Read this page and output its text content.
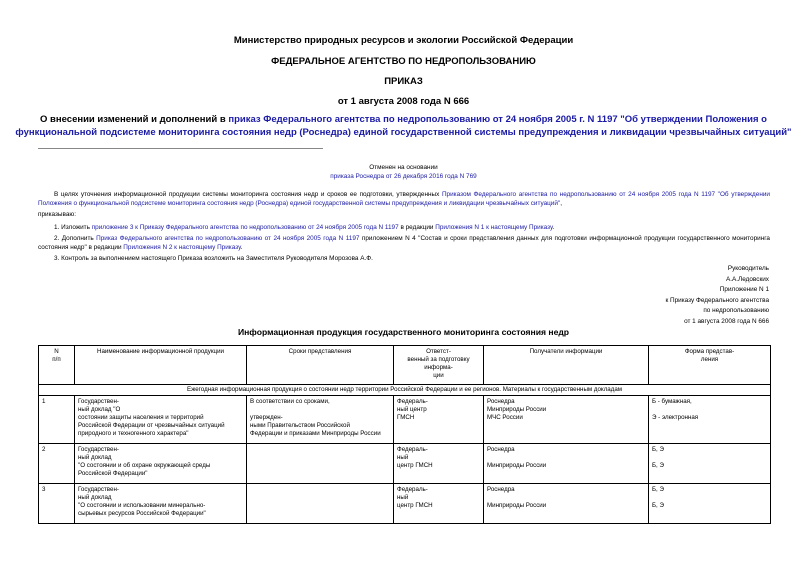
Министерство природных ресурсов и экологии Российской Федерации
ФЕДЕРАЛЬНОЕ АГЕНТСТВО ПО НЕДРОПОЛЬЗОВАНИЮ
ПРИКАЗ
от 1 августа 2008 года N 666
О внесении изменений и дополнений в приказ Федерального агентства по недропользованию от 24 ноября 2005 г. N 1197 "Об утверждении Положения о
функциональной подсистеме мониторинга состояния недр (Роснедра) единой государственной системы предупреждения и ликвидации чрезвычайных ситуаций"
Отменен на основании
приказа Роснедра от 26 декабря 2016 года N 769
В целях уточнения информационной продукции системы мониторинга состояния недр и сроков ее подготовки, утвержденных Приказом Федерального агентства по недропользованию от 24 ноября 2005 года N 1197 "Об утверждении Положения о функциональной подсистеме мониторинга состояния недр (Роснедра) единой государственной системы предупреждения и ликвидации чрезвычайных ситуаций",
приказываю:
1. Изложить приложение 3 к Приказу Федерального агентства по недропользованию от 24 ноября 2005 года N 1197 в редакции Приложения N 1 к настоящему Приказу.
2. Дополнить Приказ Федерального агентства по недропользованию от 24 ноября 2005 года N 1197 приложением N 4 "Состав и сроки представления данных для подготовки информационной продукции государственного мониторинга состояния недр" в редакции Приложения N 2 к настоящему Приказу.
3. Контроль за выполнением настоящего Приказа возложить на Заместителя Руководителя Морозова А.Ф.
Руководитель
А.А.Ледовских
Приложение N 1
к Приказу Федерального агентства
по недропользованию
от 1 августа 2008 года N 666
Информационная продукция государственного мониторинга состояния недр
N
п/п	Наименование информационной продукции	Сроки представления	Ответст-
венный за подготовку
информа-
ции	Получатели информации	Форма представ-
ления

Ежегодная информационная продукция о состоянии недр территории Российской Федерации и ее регионов. Материалы к государственным докладам					
1	Государствен-
ный доклад "О
состоянии защиты населения и территорий
Российской Федерации от чрезвычайных ситуаций
природного и техногенного характера"	В соответствии со сроками,
утвержден-
ными Правительством Российской
Федерации и приказами Минприроды России	Федераль-
ный центр
ГМСН	Роснедра
Минприроды России
МЧС России	Б - бумажная,
Э - электронная

2	Государствен-
ный доклад
"О состоянии и об охране окружающей среды
Российской Федерации"		Федераль-
ный
центр ГМСН	Роснедра
Минприроды России	Б, Э
Б, Э

3	Государствен-
ный доклад
"О состоянии и использовании минерально-
сырьевых ресурсов Российской Федерации"		Федераль-
ный
центр ГМСН	Роснедра
Минприроды России	Б, Э
Б, Э
